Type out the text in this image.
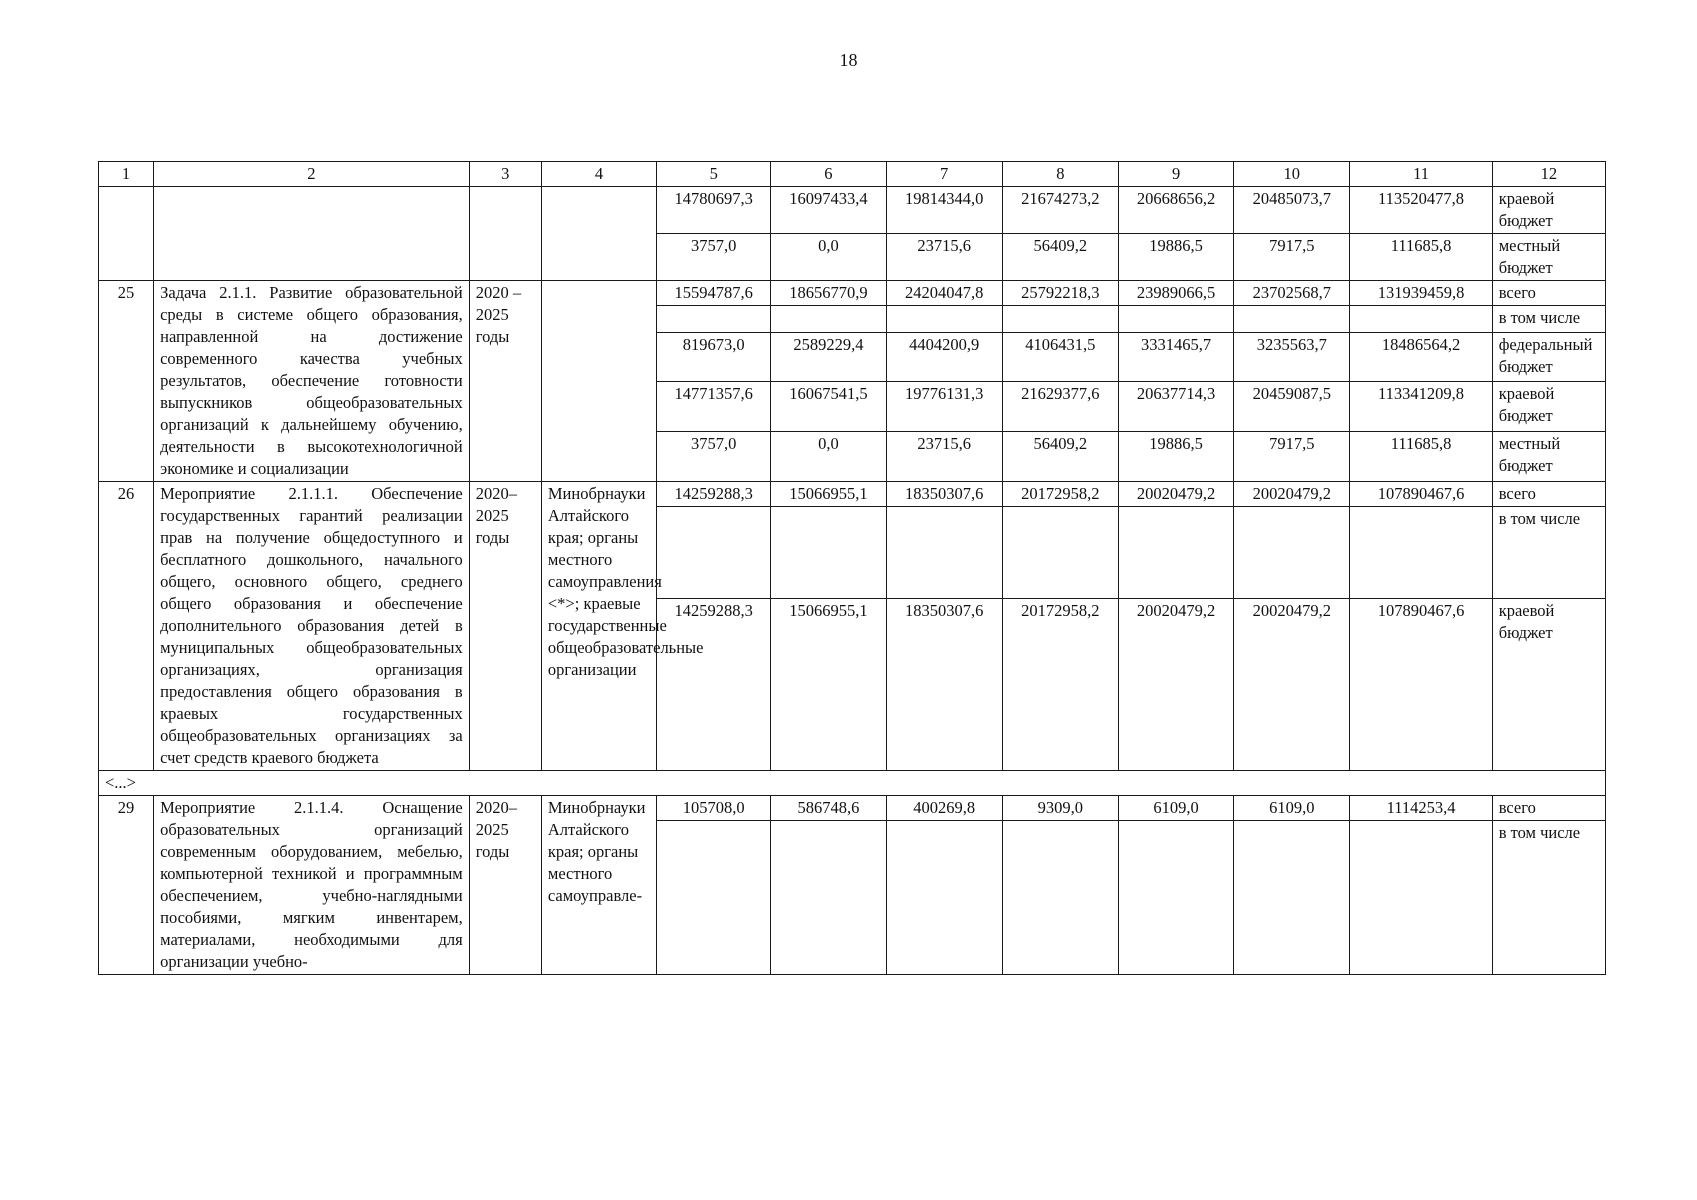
18
1	2	3	4	5	6	7	8	9	10	11	12
				14780697,3	16097433,4	19814344,0	21674273,2	20668656,2	20485073,7	113520477,8	краевой бюджет
				3757,0	0,0	23715,6	56409,2	19886,5	7917,5	111685,8	местный бюджет
25	Задача 2.1.1. Развитие образовательной среды в системе общего образования, направленной на достижение современного качества учебных результатов, обеспечение готовности выпускников общеобразовательных организаций к дальнейшему обучению, деятельности в высокотехнологичной экономике и социализации	2020 – 2025 годы		15594787,6	18656770,9	24204047,8	25792218,3	23989066,5	23702568,7	131939459,8	всего
											в том числе
				819673,0	2589229,4	4404200,9	4106431,5	3331465,7	3235563,7	18486564,2	федеральный бюджет
				14771357,6	16067541,5	19776131,3	21629377,6	20637714,3	20459087,5	113341209,8	краевой бюджет
				3757,0	0,0	23715,6	56409,2	19886,5	7917,5	111685,8	местный бюджет
26	Мероприятие 2.1.1.1. Обеспечение государственных гарантий реализации прав на получение общедоступного и бесплатного дошкольного, начального общего, основного общего, среднего общего образования и обеспечение дополнительного образования детей в муниципальных общеобразовательных организациях, организация предоставления общего образования в краевых государственных общеобразовательных организациях за счет средств краевого бюджета	2020– 2025 годы	Минобрнауки Алтайского края; органы местного самоуправления <*>; краевые государственные общеобразовательные организации	14259288,3	15066955,1	18350307,6	20172958,2	20020479,2	20020479,2	107890467,6	всего
											в том числе
				14259288,3	15066955,1	18350307,6	20172958,2	20020479,2	20020479,2	107890467,6	краевой бюджет
<...>											
29	Мероприятие 2.1.1.4. Оснащение образовательных организаций современным оборудованием, мебелью, компьютерной техникой и программным обеспечением, учебно-наглядными пособиями, мягким инвентарем, материалами, необходимыми для организации учебно-	2020– 2025 годы	Минобрнауки Алтайского края; органы местного самоуправле-	105708,0	586748,6	400269,8	9309,0	6109,0	6109,0	1114253,4	всего
											в том числе
